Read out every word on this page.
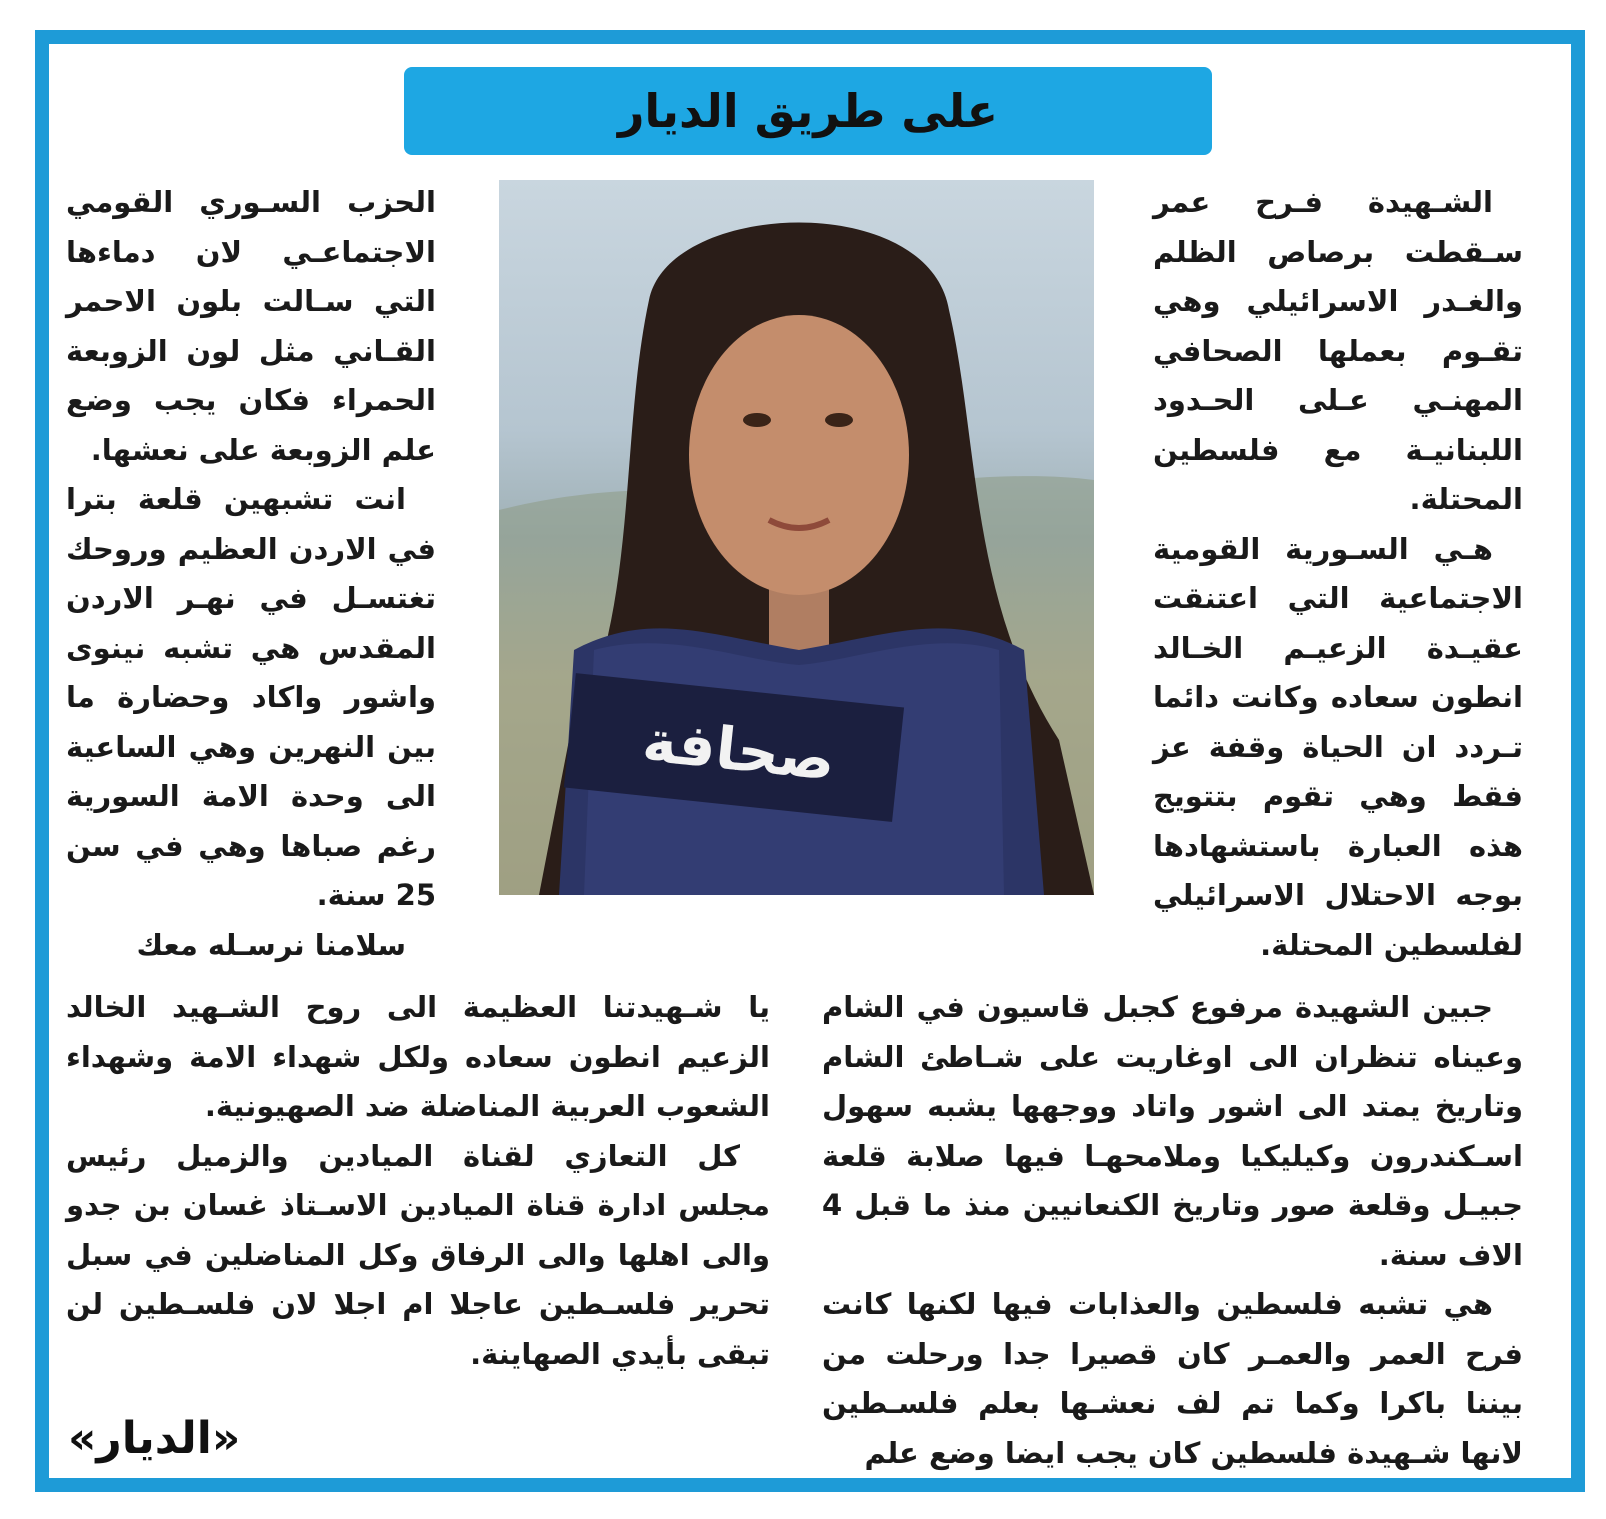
على طريق الديار

الشـهيدة فـرح عمر سـقطت برصاص الظلم والغـدر الاسرائيلي وهي تقـوم بعملها الصحافي المهنـي عـلى الحـدود اللبنانيـة مع فلسطين المحتلة.

هـي السـورية القومية الاجتماعية التي اعتنقت عقيـدة الزعيـم الخـالد انطون سعاده وكانت دائما تـردد ان الحياة وقفة عز فقط وهي تقوم بتتويج هذه العبارة باستشهادها بوجه الاحتلال الاسرائيلي لفلسطين المحتلة.

صحافة

الحزب السـوري القومي الاجتماعـي لان دماءها التي سـالت بلون الاحمر القـاني مثل لون الزوبعة الحمراء فكان يجب وضع علم الزوبعة على نعشها.

انت تشبهين قلعة بترا في الاردن العظيم وروحك تغتسـل في نهـر الاردن المقدس هي تشبه نينوى واشور واكاد وحضارة ما بين النهرين وهي الساعية الى وحدة الامة السورية رغم صباها وهي في سن 25 سنة.

سلامنا نرسـله معك

جبين الشهيدة مرفوع كجبل قاسيون في الشام وعيناه تنظران الى اوغاريت على شـاطئ الشام وتاريخ يمتد الى اشور واتاد ووجهها يشبه سهول اسـكندرون وكيليكيا وملامحهـا فيها صلابة قلعة جبيـل وقلعة صور وتاريخ الكنعانيين منذ ما قبل 4 الاف سنة.

هي تشبه فلسطين والعذابات فيها لكنها كانت فرح العمر والعمـر كان قصيرا جدا ورحلت من بيننا باكرا وكما تم لف نعشـها بعلم فلسـطين لانها شـهيدة فلسطين كان يجب ايضا وضع علم

يا شـهيدتنا العظيمة الى روح الشـهيد الخالد الزعيم انطون سعاده ولكل شهداء الامة وشهداء الشعوب العربية المناضلة ضد الصهيونية.

كل التعازي لقناة الميادين والزميل رئيس مجلس ادارة قناة الميادين الاسـتاذ غسان بن جدو والى اهلها والى الرفاق وكل المناضلين في سبل تحرير فلسـطين عاجلا ام اجلا لان فلسـطين لن تبقى بأيدي الصهاينة.

«الديار»
